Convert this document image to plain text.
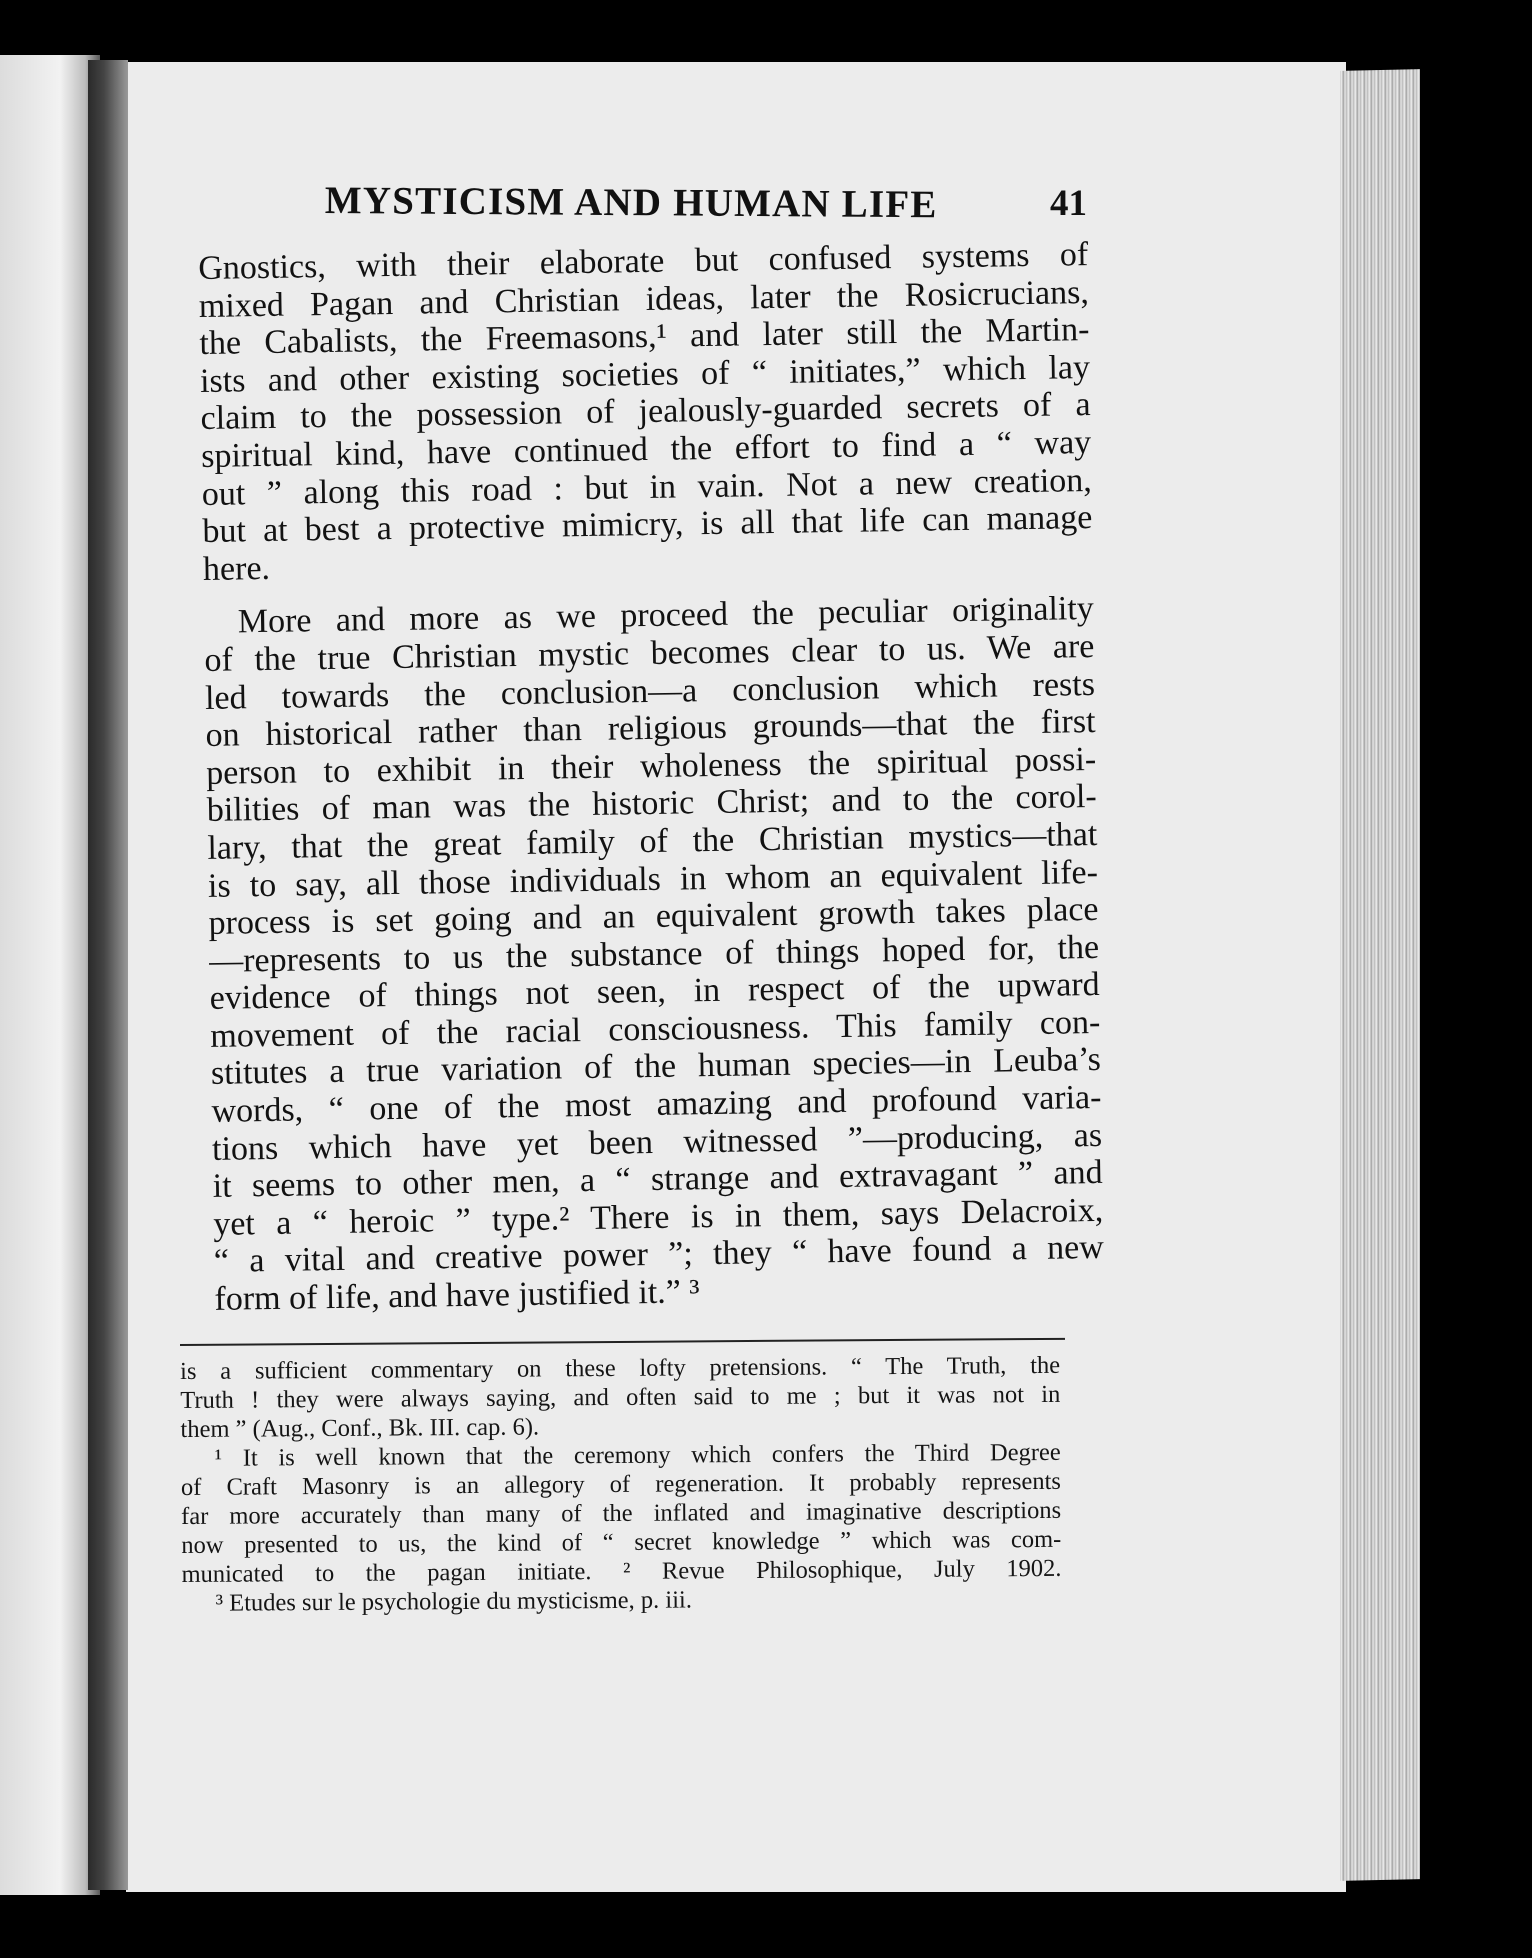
MYSTICISM AND HUMAN LIFE	41

Gnostics, with their elaborate but confused systems of
mixed Pagan and Christian ideas, later the Rosicrucians,
the Cabalists, the Freemasons,¹ and later still the Martin-
ists and other existing societies of “ initiates,” which lay
claim to the possession of jealously-guarded secrets of a
spiritual kind, have continued the effort to find a “ way
out ” along this road : but in vain. Not a new creation,
but at best a protective mimicry, is all that life can manage
here.

More and more as we proceed the peculiar originality
of the true Christian mystic becomes clear to us. We are
led towards the conclusion—a conclusion which rests
on historical rather than religious grounds—that the first
person to exhibit in their wholeness the spiritual possi-
bilities of man was the historic Christ; and to the corol-
lary, that the great family of the Christian mystics—that
is to say, all those individuals in whom an equivalent life-
process is set going and an equivalent growth takes place
—represents to us the substance of things hoped for, the
evidence of things not seen, in respect of the upward
movement of the racial consciousness. This family con-
stitutes a true variation of the human species—in Leuba’s
words, “ one of the most amazing and profound varia-
tions which have yet been witnessed ”—producing, as
it seems to other men, a “ strange and extravagant ” and
yet a “ heroic ” type.² There is in them, says Delacroix,
“ a vital and creative power ”; they “ have found a new
form of life, and have justified it.” ³

is a sufficient commentary on these lofty pretensions. “ The Truth, the
Truth ! they were always saying, and often said to me ; but it was not in
them ” (Aug., Conf., Bk. III. cap. 6).
¹ It is well known that the ceremony which confers the Third Degree
of Craft Masonry is an allegory of regeneration. It probably represents
far more accurately than many of the inflated and imaginative descriptions
now presented to us, the kind of “ secret knowledge ” which was com-
municated to the pagan initiate. ² Revue Philosophique, July 1902.
³ Etudes sur le psychologie du mysticisme, p. iii.
